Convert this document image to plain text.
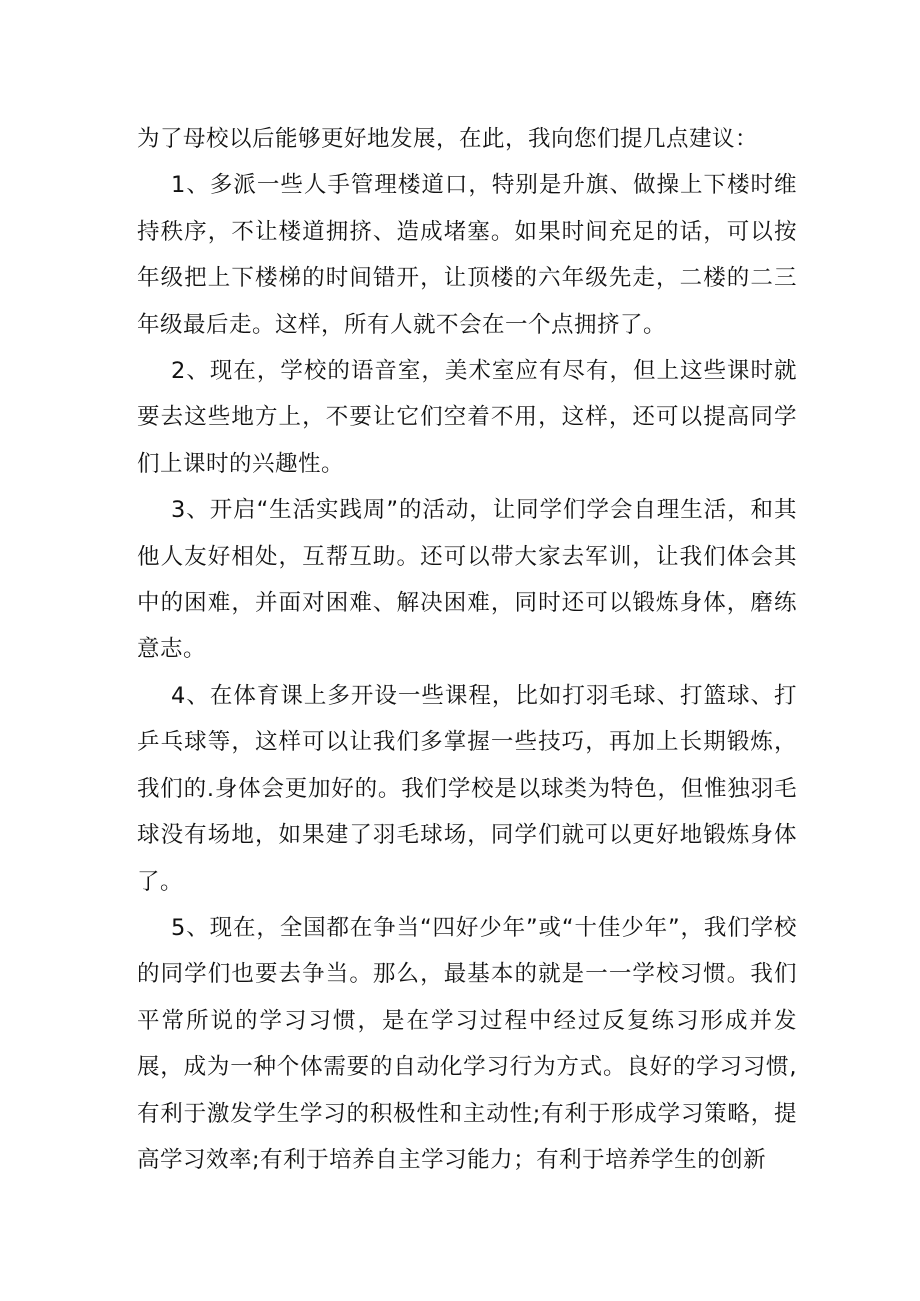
为了母校以后能够更好地发展，在此，我向您们提几点建议：

1、多派一些人手管理楼道口，特别是升旗、做操上下楼时维持秩序，不让楼道拥挤、造成堵塞。如果时间充足的话，可以按年级把上下楼梯的时间错开，让顶楼的六年级先走，二楼的二三年级最后走。这样，所有人就不会在一个点拥挤了。

2、现在，学校的语音室，美术室应有尽有，但上这些课时就要去这些地方上，不要让它们空着不用，这样，还可以提高同学们上课时的兴趣性。

3、开启“生活实践周”的活动，让同学们学会自理生活，和其他人友好相处，互帮互助。还可以带大家去军训，让我们体会其中的困难，并面对困难、解决困难，同时还可以锻炼身体，磨练意志。

4、在体育课上多开设一些课程，比如打羽毛球、打篮球、打乒乓球等，这样可以让我们多掌握一些技巧，再加上长期锻炼，我们的.身体会更加好的。我们学校是以球类为特色，但惟独羽毛球没有场地，如果建了羽毛球场，同学们就可以更好地锻炼身体了。

5、现在，全国都在争当“四好少年”或“十佳少年”，我们学校的同学们也要去争当。那么，最基本的就是一一学校习惯。我们平常所说的学习习惯，是在学习过程中经过反复练习形成并发展，成为一种个体需要的自动化学习行为方式。良好的学习习惯,有利于激发学生学习的积极性和主动性;有利于形成学习策略，提高学习效率;有利于培养自主学习能力；有利于培养学生的创新
